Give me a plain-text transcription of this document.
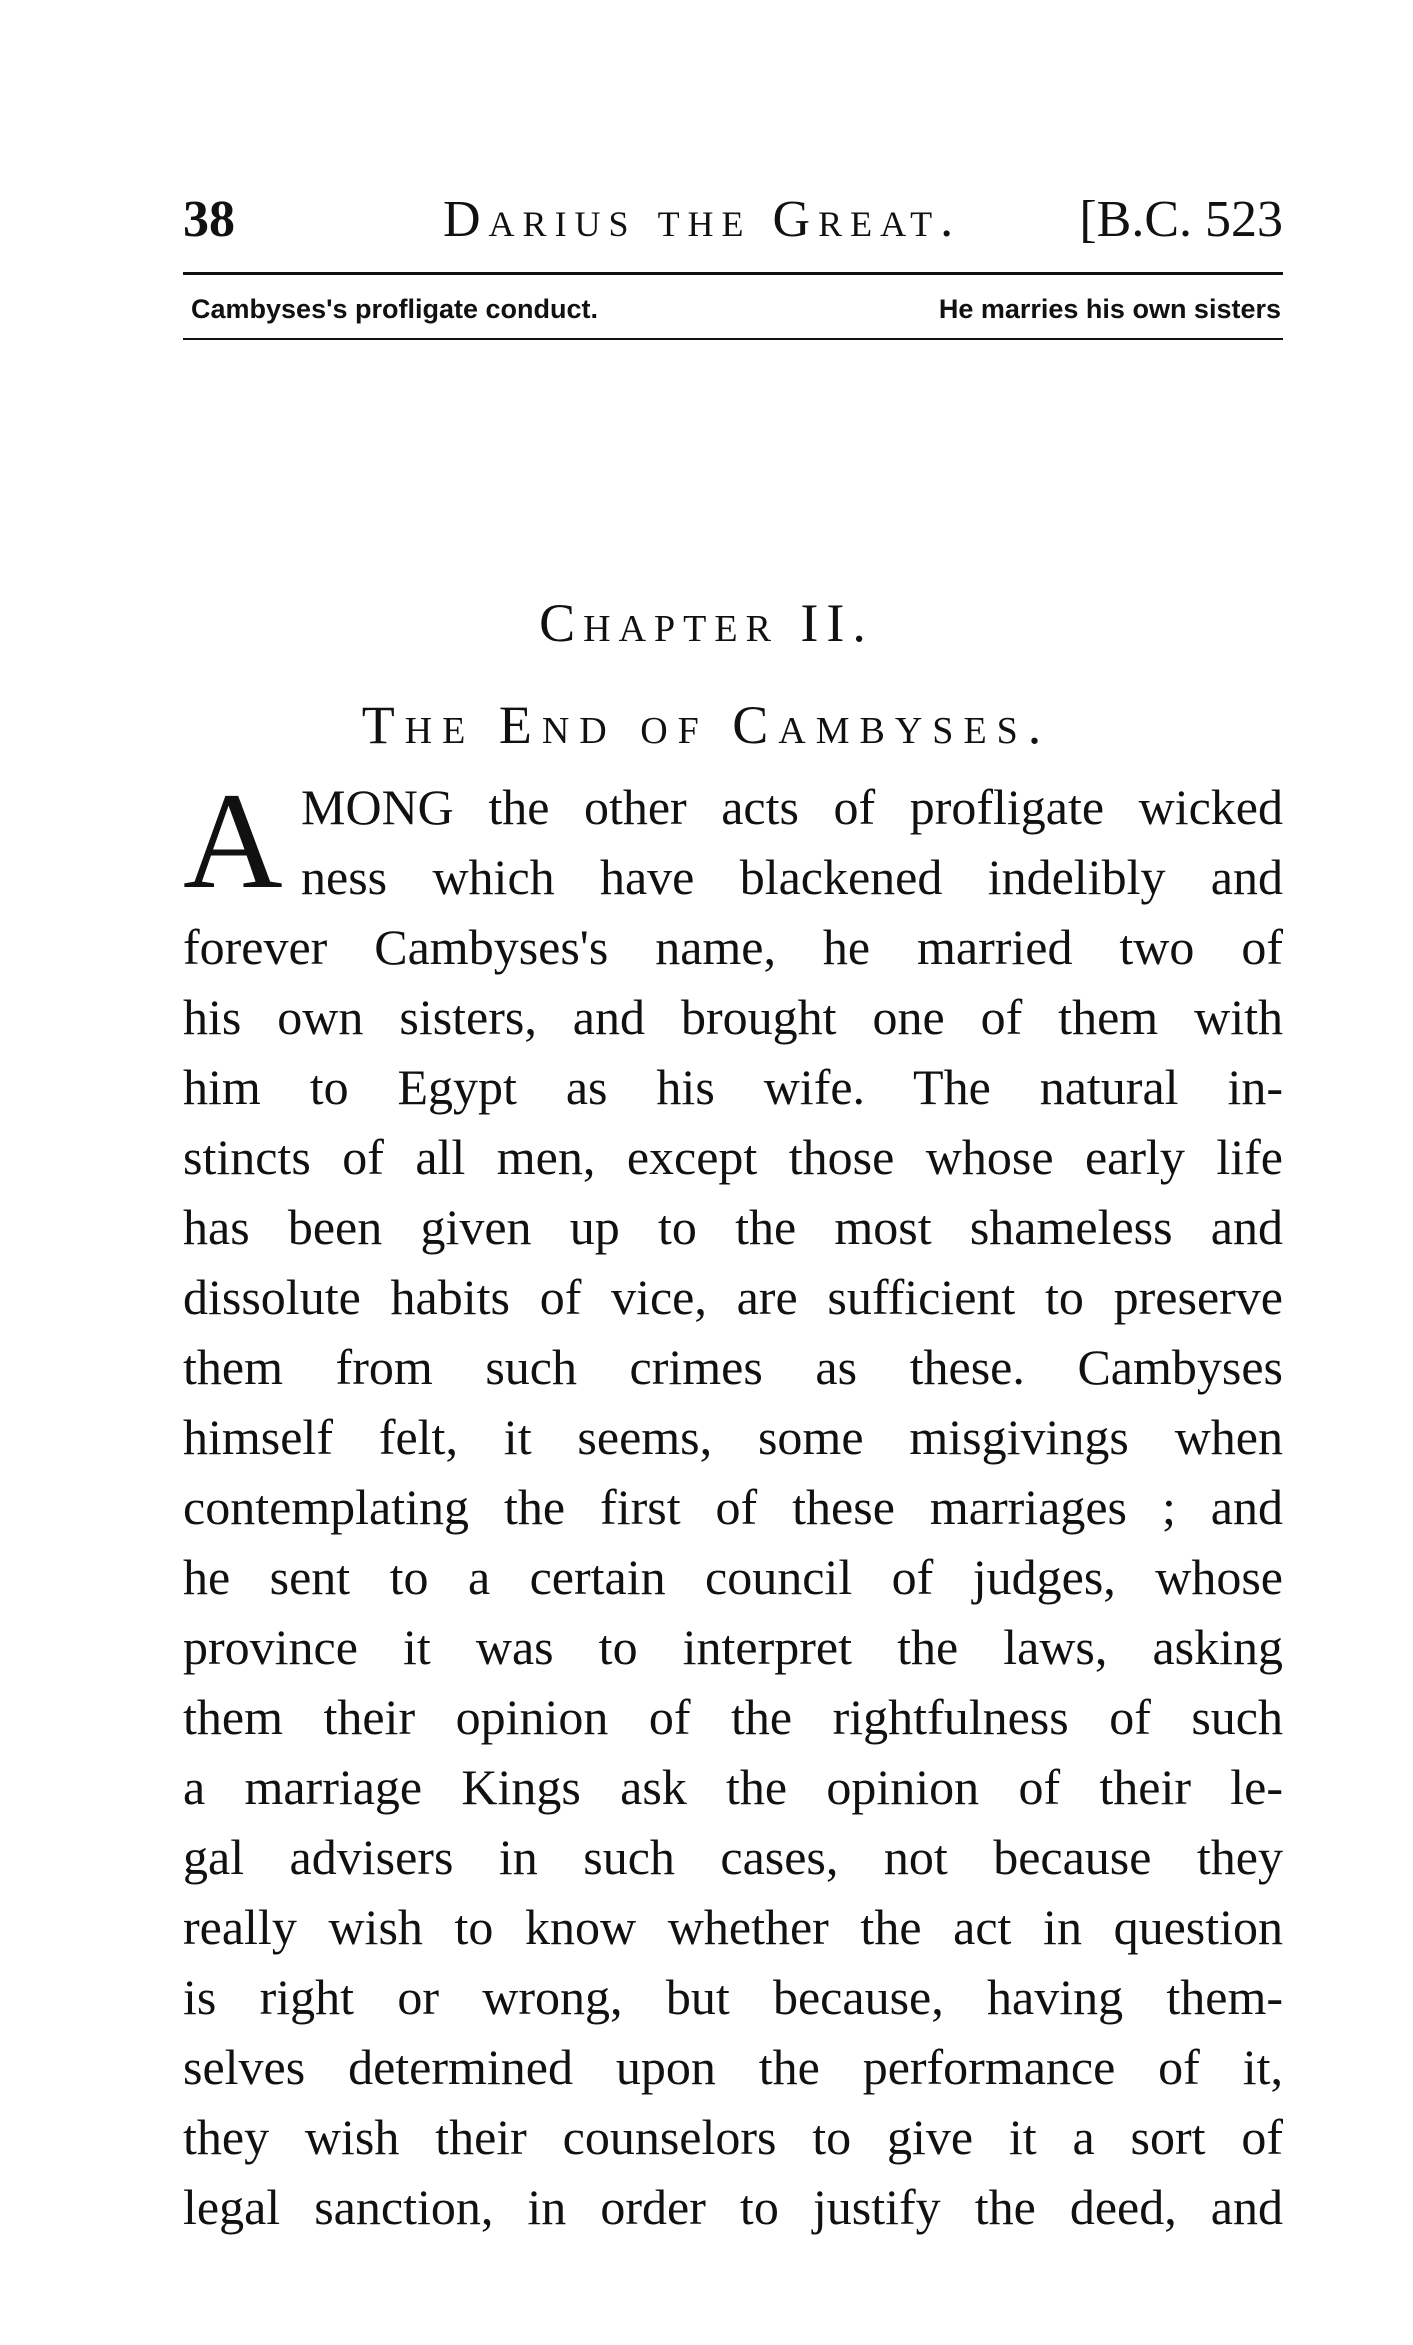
38	Darius the Great. [B.C. 523
Cambyses's profligate conduct.	He marries his own sisters
Chapter II.
The End of Cambyses.
A MONG the other acts of profligate wicked
ness which have blackened indelibly and
forever Cambyses's name, he married two of
his own sisters, and brought one of them with
him to Egypt as his wife. The natural in-
stincts of all men, except those whose early life
has been given up to the most shameless and
dissolute habits of vice, are sufficient to preserve
them from such crimes as these. Cambyses
himself felt, it seems, some misgivings when
contemplating the first of these marriages ; and
he sent to a certain council of judges, whose
province it was to interpret the laws, asking
them their opinion of the rightfulness of such
a marriage Kings ask the opinion of their le-
gal advisers in such cases, not because they
really wish to know whether the act in question
is right or wrong, but because, having them-
selves determined upon the performance of it,
they wish their counselors to give it a sort of
legal sanction, in order to justify the deed, and
